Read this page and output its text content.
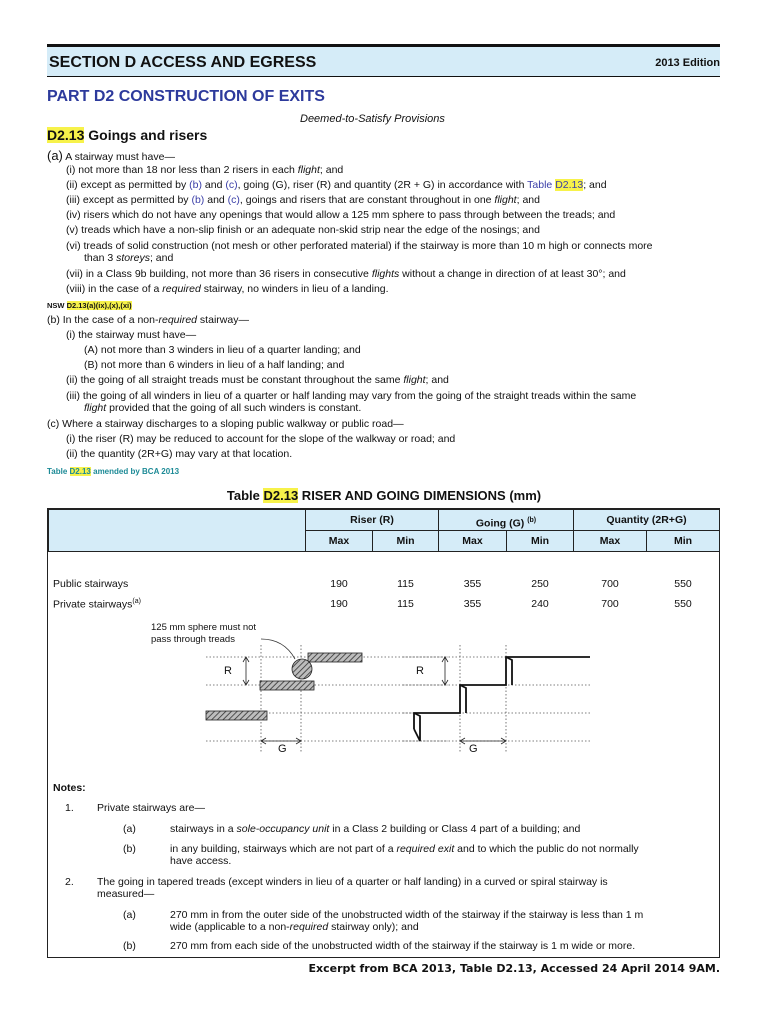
SECTION D ACCESS AND EGRESS	2013 Edition
PART D2 CONSTRUCTION OF EXITS
Deemed-to-Satisfy Provisions
D2.13 Goings and risers
(a) A stairway must have—
(i) not more than 18 nor less than 2 risers in each flight; and
(ii) except as permitted by (b) and (c), going (G), riser (R) and quantity (2R + G) in accordance with Table D2.13; and
(iii) except as permitted by (b) and (c), goings and risers that are constant throughout in one flight; and
(iv) risers which do not have any openings that would allow a 125 mm sphere to pass through between the treads; and
(v) treads which have a non-slip finish or an adequate non-skid strip near the edge of the nosings; and
(vi) treads of solid construction (not mesh or other perforated material) if the stairway is more than 10 m high or connects more
than 3 storeys; and
(vii) in a Class 9b building, not more than 36 risers in consecutive flights without a change in direction of at least 30°; and
(viii) in the case of a required stairway, no winders in lieu of a landing.
NSW D2.13(a)(ix),(x),(xi)
(b) In the case of a non-required stairway—
(i) the stairway must have—
(A) not more than 3 winders in lieu of a quarter landing; and
(B) not more than 6 winders in lieu of a half landing; and
(ii) the going of all straight treads must be constant throughout the same flight; and
(iii) the going of all winders in lieu of a quarter or half landing may vary from the going of the straight treads within the same
flight provided that the going of all such winders is constant.
(c) Where a stairway discharges to a sloping public walkway or public road—
(i) the riser (R) may be reduced to account for the slope of the walkway or road; and
(ii) the quantity (2R+G) may vary at that location.
Table D2.13 amended by BCA 2013
Table D2.13 RISER AND GOING DIMENSIONS (mm)
Riser (R)	Going (G) $^{(b)}$	Quantity (2R+G)
Max	Min	Max	Min	Max	Min
Public stairways	190	115	355	250	700	550
Private stairways$^{(a)}$	190	115	355	240	700	550
125 mm sphere must not
pass through treads
R	R
G	G
Notes:
1. Private stairways are—
(a)	stairways in a sole-occupancy unit in a Class 2 building or Class 4 part of a building; and
(b)	in any building, stairways which are not part of a required exit and to which the public do not normally
have access.
2. The going in tapered treads (except winders in lieu of a quarter or half landing) in a curved or spiral stairway is
measured—
(a)	270 mm in from the outer side of the unobstructed width of the stairway if the stairway is less than 1 m
wide (applicable to a non-required stairway only); and
(b)	270 mm from each side of the unobstructed width of the stairway if the stairway is 1 m wide or more.
Excerpt from BCA 2013, Table D2.13, Accessed 24 April 2014 9AM.
